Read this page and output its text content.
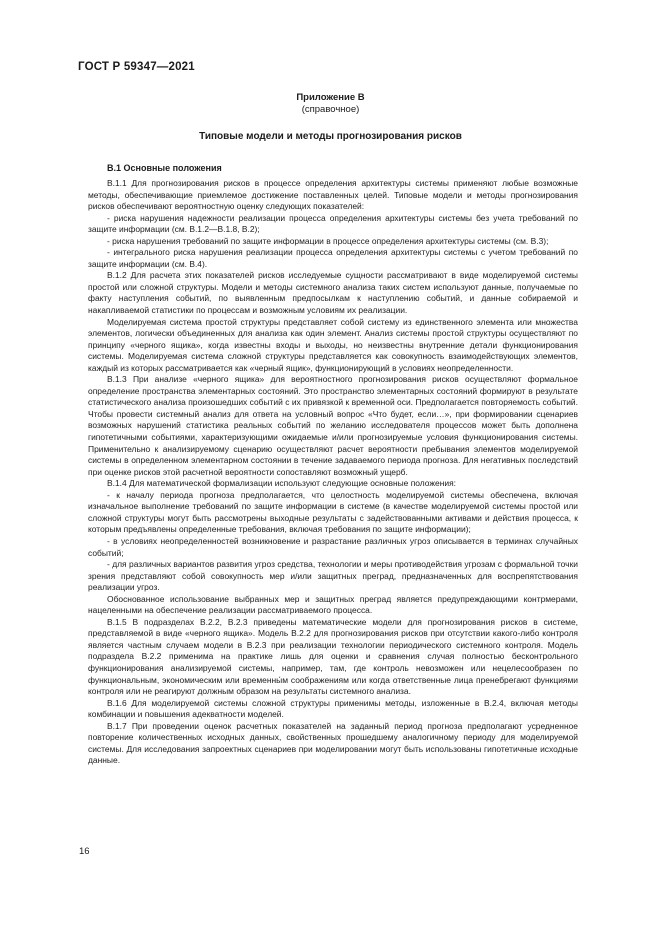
ГОСТ Р 59347—2021
Приложение В
(справочное)
Типовые модели и методы прогнозирования рисков
В.1 Основные положения

В.1.1 Для прогнозирования рисков в процессе определения архитектуры системы применяют любые возможные методы, обеспечивающие приемлемое достижение поставленных целей. Типовые модели и методы прогнозирования рисков обеспечивают вероятностную оценку следующих показателей:

- риска нарушения надежности реализации процесса определения архитектуры системы без учета требований по защите информации (см. В.1.2—В.1.8, В.2);

- риска нарушения требований по защите информации в процессе определения архитектуры системы (см. В.3);

- интегрального риска нарушения реализации процесса определения архитектуры системы с учетом требований по защите информации (см. В.4).

В.1.2 Для расчета этих показателей рисков исследуемые сущности рассматривают в виде моделируемой системы простой или сложной структуры. Модели и методы системного анализа таких систем используют данные, получаемые по факту наступления событий, по выявленным предпосылкам к наступлению событий, и данные собираемой и накапливаемой статистики по процессам и возможным условиям их реализации.

Моделируемая система простой структуры представляет собой систему из единственного элемента или множества элементов, логически объединенных для анализа как один элемент. Анализ системы простой структуры осуществляют по принципу «черного ящика», когда известны входы и выходы, но неизвестны внутренние детали функционирования системы. Моделируемая система сложной структуры представляется как совокупность взаимодействующих элементов, каждый из которых рассматривается как «черный ящик», функционирующий в условиях неопределенности.

В.1.3 При анализе «черного ящика» для вероятностного прогнозирования рисков осуществляют формальное определение пространства элементарных состояний. Это пространство элементарных состояний формируют в результате статистического анализа произошедших событий с их привязкой к временной оси. Предполагается повторяемость событий. Чтобы провести системный анализ для ответа на условный вопрос «Что будет, если…», при формировании сценариев возможных нарушений статистика реальных событий по желанию исследователя процессов может быть дополнена гипотетичными событиями, характеризующими ожидаемые и/или прогнозируемые условия функционирования системы. Применительно к анализируемому сценарию осуществляют расчет вероятности пребывания элементов моделируемой системы в определенном элементарном состоянии в течение задаваемого периода прогноза. Для негативных последствий при оценке рисков этой расчетной вероятности сопоставляют возможный ущерб.

В.1.4 Для математической формализации используют следующие основные положения:

- к началу периода прогноза предполагается, что целостность моделируемой системы обеспечена, включая изначальное выполнение требований по защите информации в системе (в качестве моделируемой системы простой или сложной структуры могут быть рассмотрены выходные результаты с задействованными активами и действия процесса, к которым предъявлены определенные требования, включая требования по защите информации);

- в условиях неопределенностей возникновение и разрастание различных угроз описывается в терминах случайных событий;

- для различных вариантов развития угроз средства, технологии и меры противодействия угрозам с формальной точки зрения представляют собой совокупность мер и/или защитных преград, предназначенных для воспрепятствования реализации угроз.

Обоснованное использование выбранных мер и защитных преград является предупреждающими контрмерами, нацеленными на обеспечение реализации рассматриваемого процесса.

В.1.5 В подразделах В.2.2, В.2.3 приведены математические модели для прогнозирования рисков в системе, представляемой в виде «черного ящика». Модель В.2.2 для прогнозирования рисков при отсутствии какого-либо контроля является частным случаем модели в В.2.3 при реализации технологии периодического системного контроля. Модель подраздела В.2.2 применима на практике лишь для оценки и сравнения случая полностью бесконтрольного функционирования анализируемой системы, например, там, где контроль невозможен или нецелесообразен по функциональным, экономическим или временны́м соображениям или когда ответственные лица пренебрегают функциями контроля или не реагируют должным образом на результаты системного анализа.

В.1.6 Для моделируемой системы сложной структуры применимы методы, изложенные в В.2.4, включая методы комбинации и повышения адекватности моделей.

В.1.7 При проведении оценок расчетных показателей на заданный период прогноза предполагают усредненное повторение количественных исходных данных, свойственных прошедшему аналогичному периоду для моделируемой системы. Для исследования запроектных сценариев при моделировании могут быть использованы гипотетичные исходные данные.

16
